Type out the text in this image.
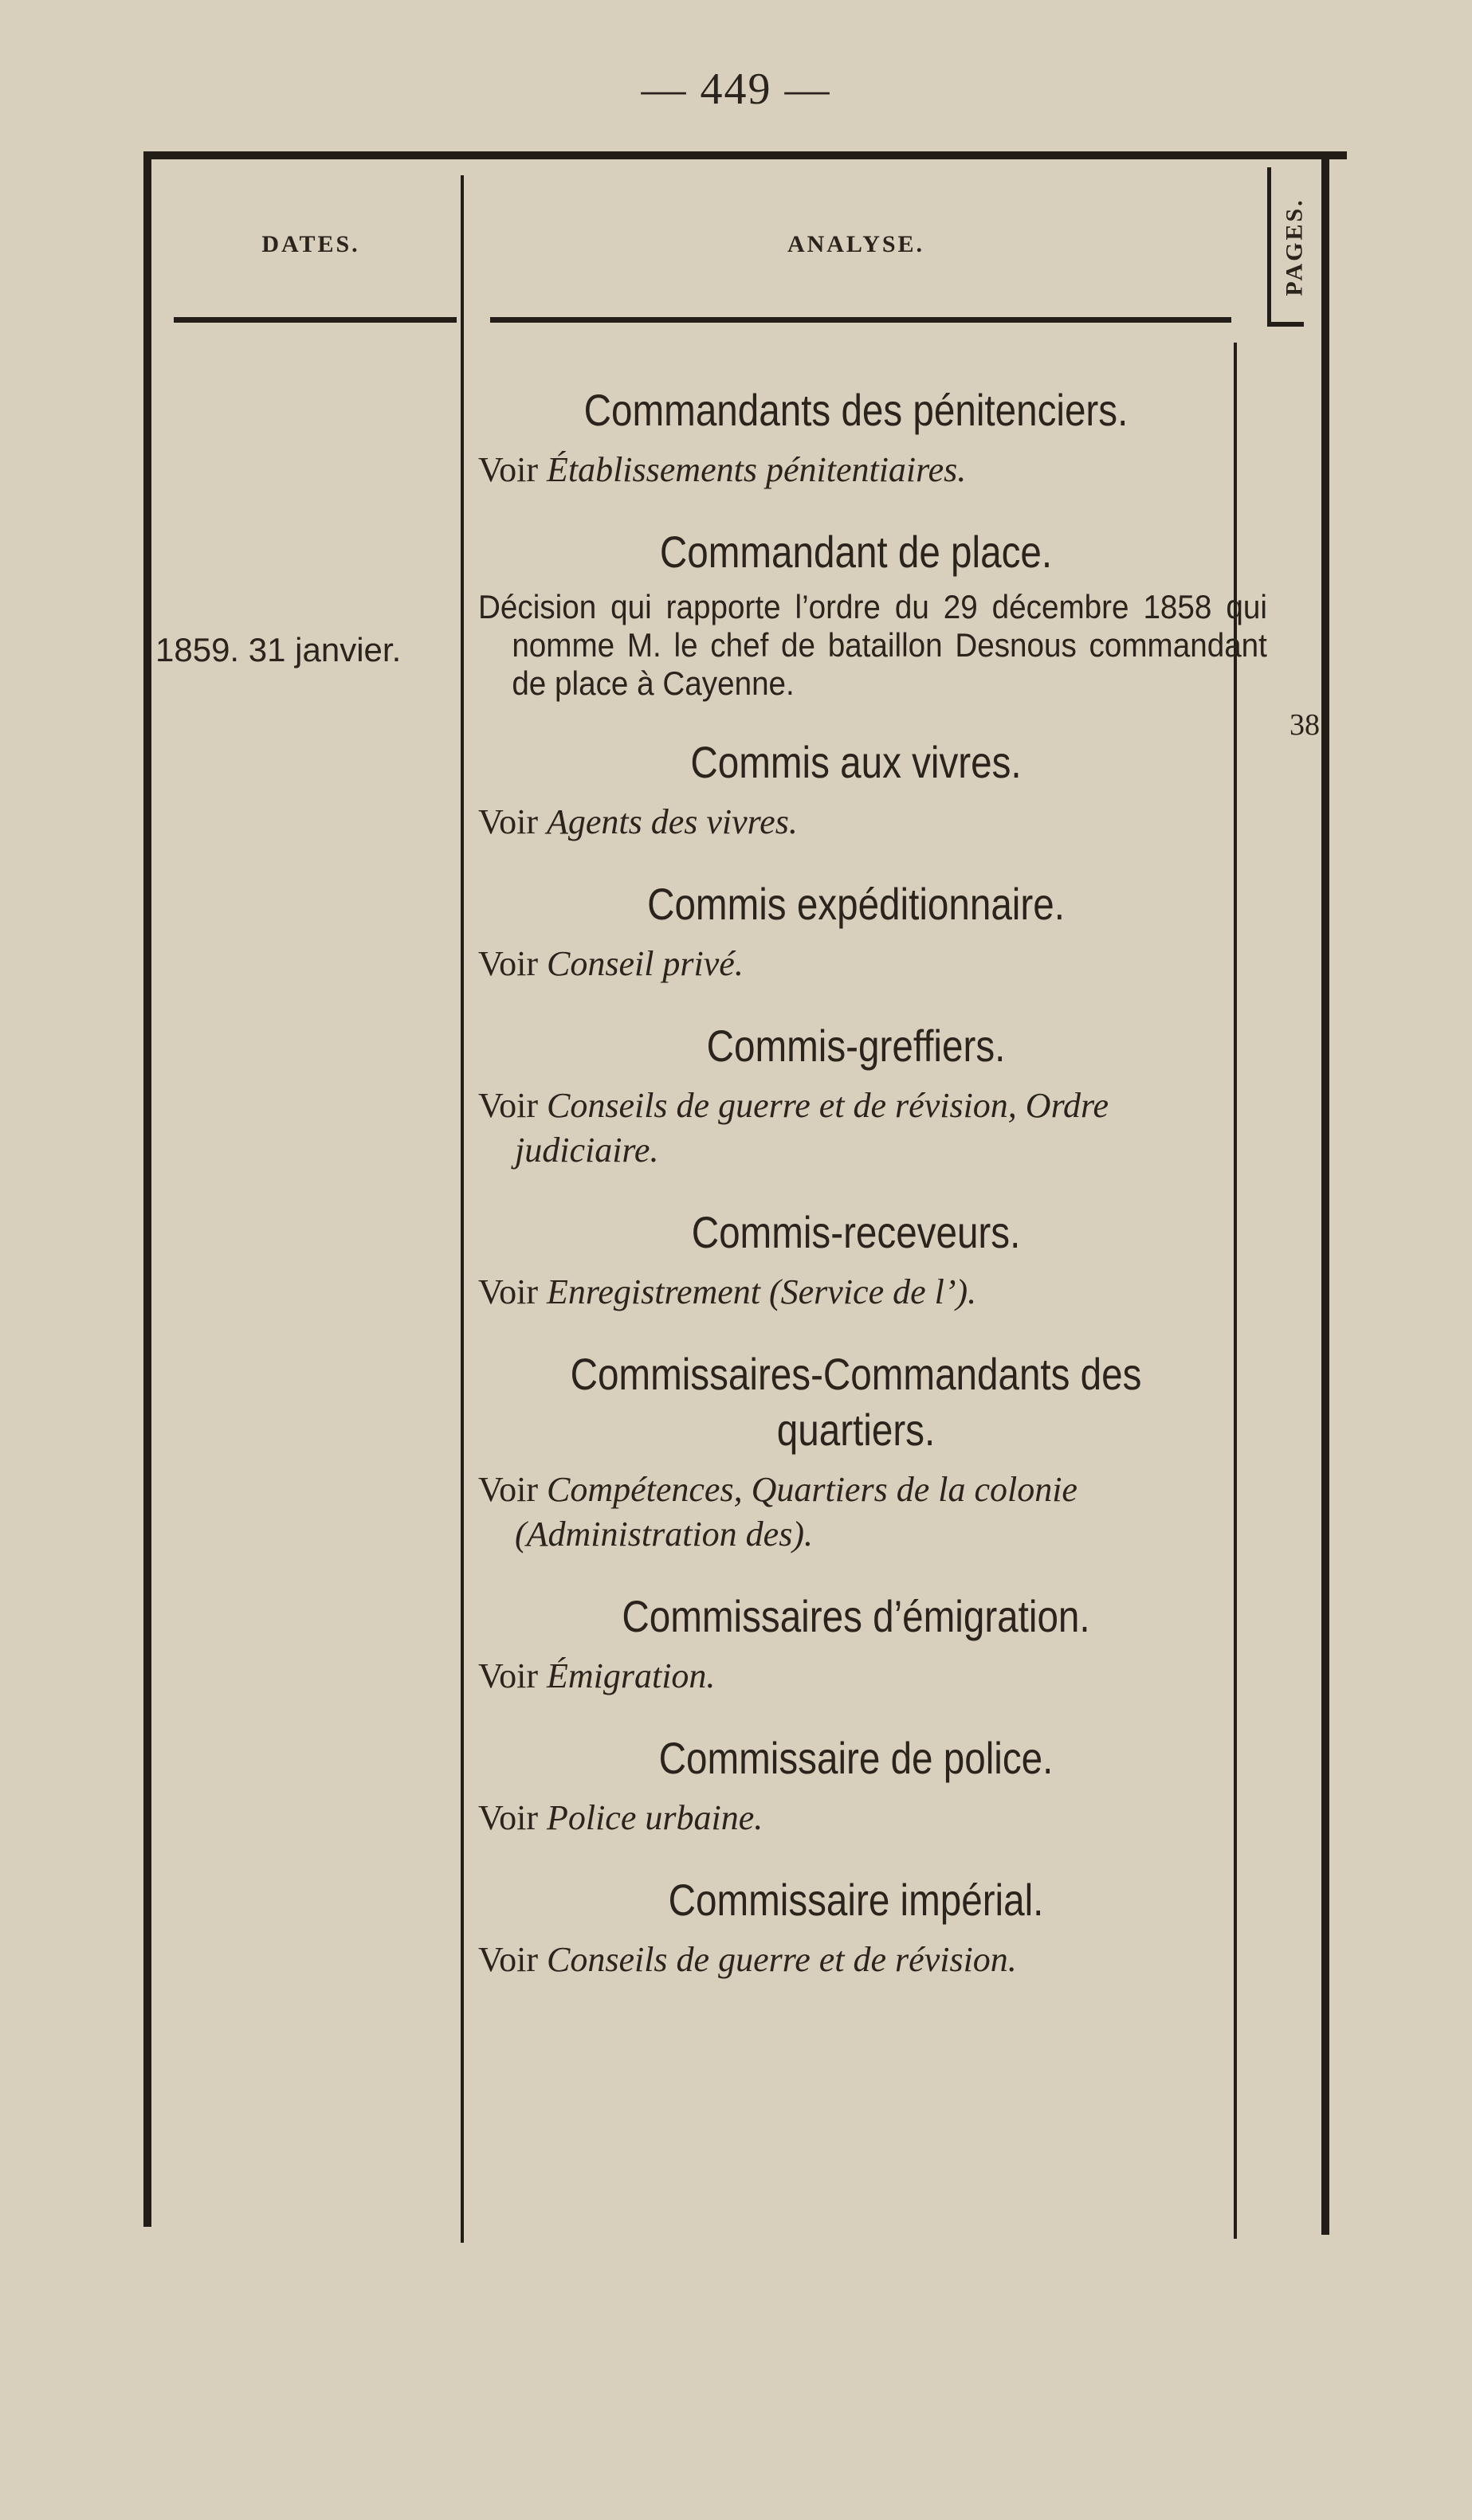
— 449 —
DATES.	ANALYSE.	PAGES.
1859. 31 janvier.
38

Commandants des pénitenciers.

Voir Établissements pénitentiaires.

Commandant de place.

Décision qui rapporte l’ordre du 29 décembre 1858 qui nomme M. le chef de bataillon Desnous commandant de place à Cayenne.

Commis aux vivres.

Voir Agents des vivres.

Commis expéditionnaire.

Voir Conseil privé.

Commis-greffiers.

Voir Conseils de guerre et de révision, Ordre judiciaire.

Commis-receveurs.

Voir Enregistrement (Service de l’).

Commissaires-Commandants des quartiers.

Voir Compétences, Quartiers de la colonie (Administration des).

Commissaires d’émigration.

Voir Émigration.

Commissaire de police.

Voir Police urbaine.

Commissaire impérial.

Voir Conseils de guerre et de révision.
